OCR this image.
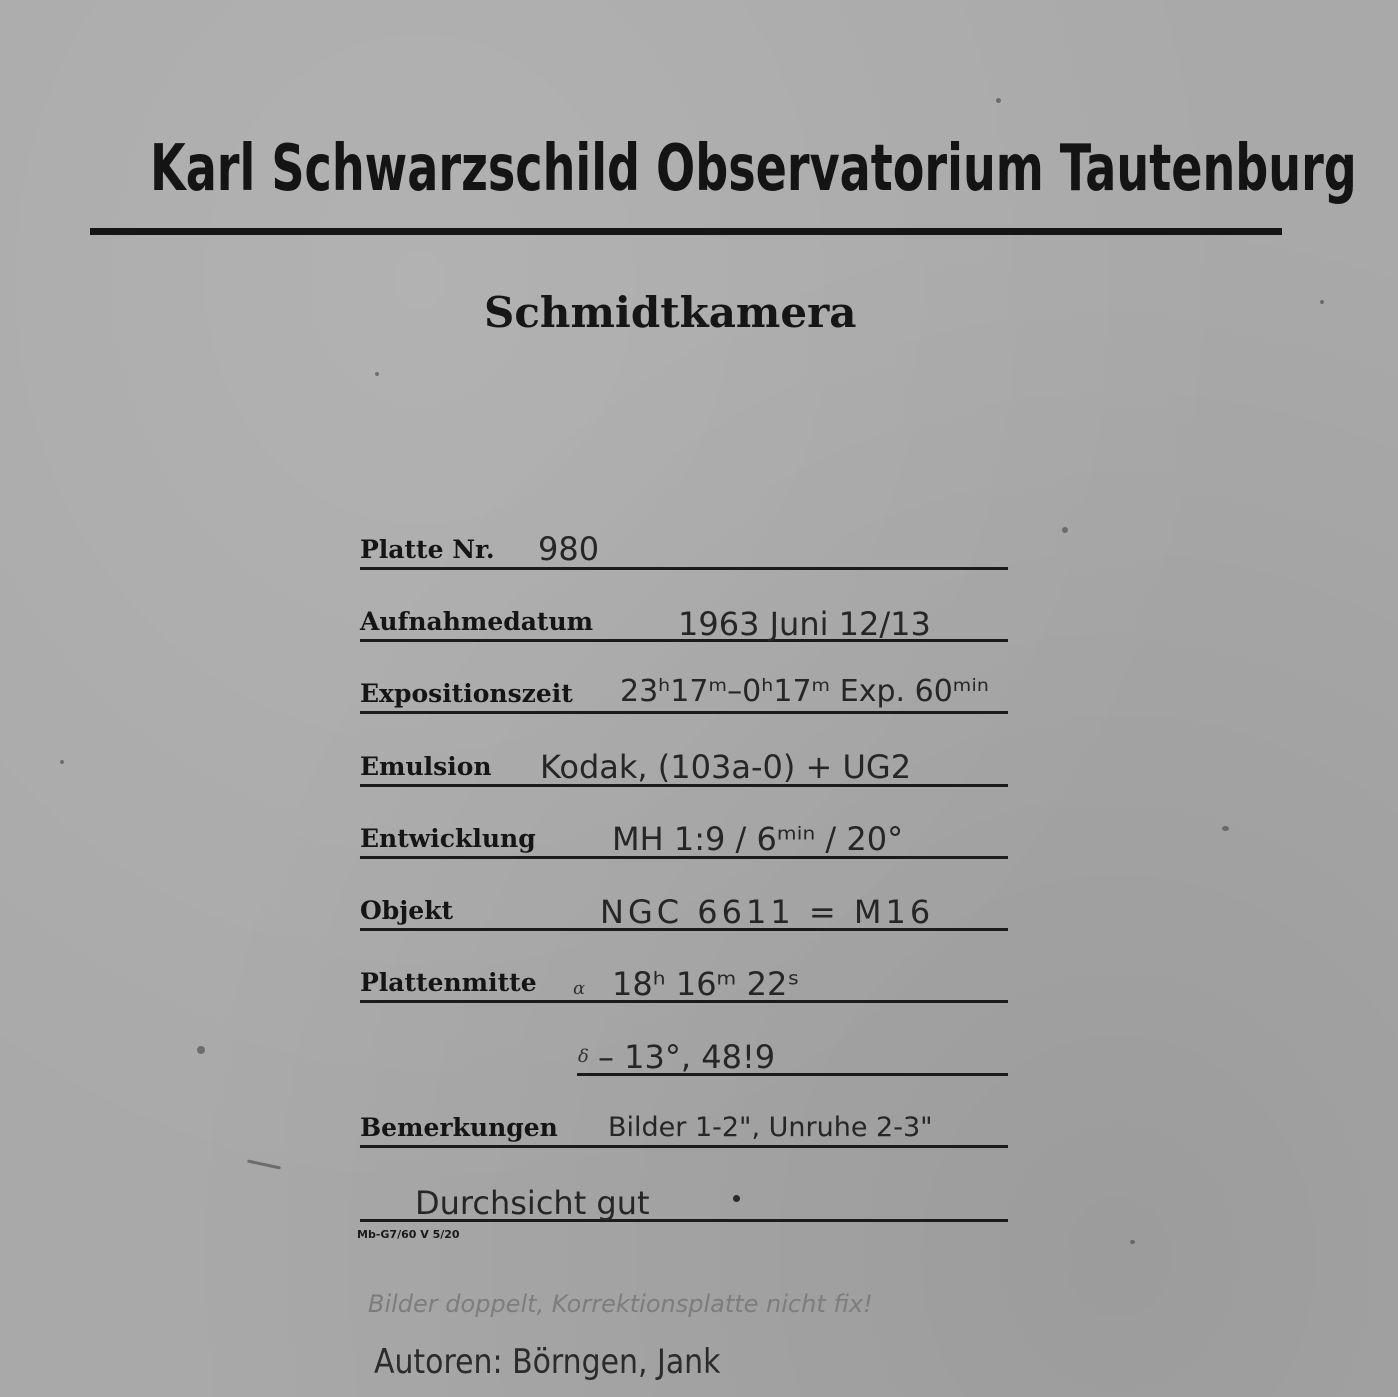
Karl Schwarzschild Observatorium Tautenburg
Schmidtkamera
Platte Nr. 980
Aufnahmedatum	1963 Juni 12/13
Expositionszeit 23ʰ17ᵐ–0ʰ17ᵐ Exp. 60ᵐⁱⁿ
Emulsion Kodak, (103a-0) + UG2
Entwicklung MH 1:9 / 6ᵐⁱⁿ / 20°
Objekt	NGC 6611 = M16
Plattenmitte α 18ʰ 16ᵐ 22ˢ
δ – 13°, 48!9
Bemerkungen Bilder 1-2", Unruhe 2-3"
Durchsicht gut
Mb-G7/60 V 5/20
Bilder doppelt, Korrektionsplatte nicht fix!
Autoren: Börngen, Jank
